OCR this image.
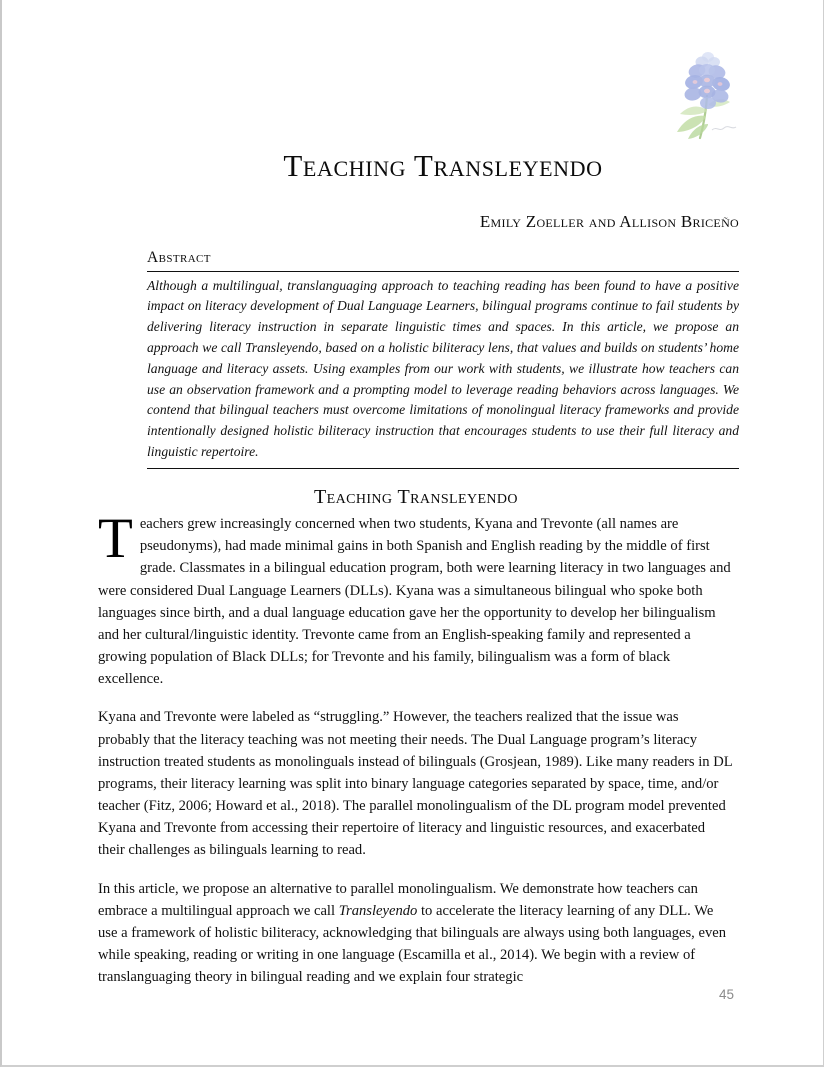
Teaching Transleyendo
Emily Zoeller and Allison Briceño
Abstract

Although a multilingual, translanguaging approach to teaching reading has been found to have a positive impact on literacy development of Dual Language Learners, bilingual programs continue to fail students by delivering literacy instruction in separate linguistic times and spaces. In this article, we propose an approach we call Transleyendo, based on a holistic biliteracy lens, that values and builds on students’ home language and literacy assets. Using examples from our work with students, we illustrate how teachers can use an observation framework and a prompting model to leverage reading behaviors across languages. We contend that bilingual teachers must overcome limitations of monolingual literacy frameworks and provide intentionally designed holistic biliteracy instruction that encourages students to use their full literacy and linguistic repertoire.

Teaching Transleyendo

Teachers grew increasingly concerned when two students, Kyana and Trevonte (all names are pseudonyms), had made minimal gains in both Spanish and English reading by the middle of first grade. Classmates in a bilingual education program, both were learning literacy in two languages and were considered Dual Language Learners (DLLs). Kyana was a simultaneous bilingual who spoke both languages since birth, and a dual language education gave her the opportunity to develop her bilingualism and her cultural/linguistic identity. Trevonte came from an English-speaking family and represented a growing population of Black DLLs; for Trevonte and his family, bilingualism was a form of black excellence.

Kyana and Trevonte were labeled as “struggling.” However, the teachers realized that the issue was probably that the literacy teaching was not meeting their needs. The Dual Language program’s literacy instruction treated students as monolinguals instead of bilinguals (Grosjean, 1989). Like many readers in DL programs, their literacy learning was split into binary language categories separated by space, time, and/or teacher (Fitz, 2006; Howard et al., 2018). The parallel monolingualism of the DL program model prevented Kyana and Trevonte from accessing their repertoire of literacy and linguistic resources, and exacerbated their challenges as bilinguals learning to read.

In this article, we propose an alternative to parallel monolingualism. We demonstrate how teachers can embrace a multilingual approach we call Transleyendo to accelerate the literacy learning of any DLL. We use a framework of holistic biliteracy, acknowledging that bilinguals are always using both languages, even while speaking, reading or writing in one language (Escamilla et al., 2014). We begin with a review of translanguaging theory in bilingual reading and we explain four strategic

45
